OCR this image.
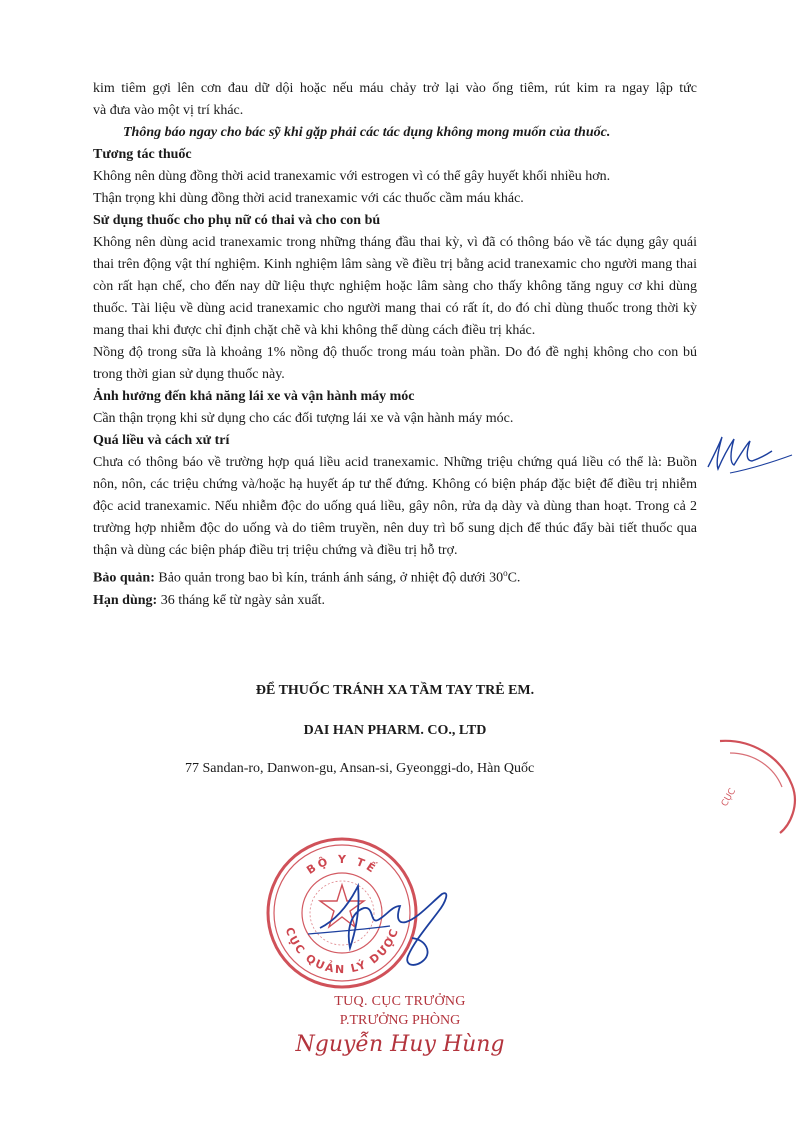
kim tiêm gợi lên cơn đau dữ dội hoặc nếu máu chảy trở lại vào ống tiêm, rút kim ra ngay lập tức

và đưa vào một vị trí khác.

Thông báo ngay cho bác sỹ khi gặp phải các tác dụng không mong muốn của thuốc.

Tương tác thuốc

Không nên dùng đồng thời acid tranexamic với estrogen vì có thể gây huyết khối nhiều hơn.

Thận trọng khi dùng đồng thời acid tranexamic với các thuốc cầm máu khác.

Sử dụng thuốc cho phụ nữ có thai và cho con bú

Không nên dùng acid tranexamic trong những tháng đầu thai kỳ, vì đã có thông báo về tác dụng gây quái thai trên động vật thí nghiệm. Kinh nghiệm lâm sàng về điều trị bằng acid tranexamic cho người mang thai còn rất hạn chế, cho đến nay dữ liệu thực nghiệm hoặc lâm sàng cho thấy không tăng nguy cơ khi dùng thuốc. Tài liệu về dùng acid tranexamic cho người mang thai có rất ít, do đó chỉ dùng thuốc trong thời kỳ mang thai khi được chỉ định chặt chẽ và khi không thể dùng cách điều trị khác.

Nồng độ trong sữa là khoảng 1% nồng độ thuốc trong máu toàn phần. Do đó đề nghị không cho con bú trong thời gian sử dụng thuốc này.

Ảnh hưởng đến khả năng lái xe và vận hành máy móc

Cần thận trọng khi sử dụng cho các đối tượng lái xe và vận hành máy móc.

Quá liều và cách xử trí

Chưa có thông báo về trường hợp quá liều acid tranexamic. Những triệu chứng quá liều có thể là: Buồn nôn, nôn, các triệu chứng và/hoặc hạ huyết áp tư thế đứng. Không có biện pháp đặc biệt để điều trị nhiễm độc acid tranexamic. Nếu nhiễm độc do uống quá liều, gây nôn, rửa dạ dày và dùng than hoạt. Trong cả 2 trường hợp nhiễm độc do uống và do tiêm truyền, nên duy trì bổ sung dịch để thúc đẩy bài tiết thuốc qua thận và dùng các biện pháp điều trị triệu chứng và điều trị hỗ trợ.

Bảo quản: Bảo quản trong bao bì kín, tránh ánh sáng, ở nhiệt độ dưới 30$^o$C.

Hạn dùng: 36 tháng kể từ ngày sản xuất.

ĐỂ THUỐC TRÁNH XA TẦM TAY TRẺ EM.

DAI HAN PHARM. CO., LTD

77 Sandan-ro, Danwon-gu, Ansan-si, Gyeonggi-do, Hàn Quốc

CỤC
BỘ Y TẾ
CỤC QUẢN LÝ DƯỢC
TUQ. CỤC TRƯỞNG
P.TRƯỞNG PHÒNG
Nguyễn Huy Hùng
